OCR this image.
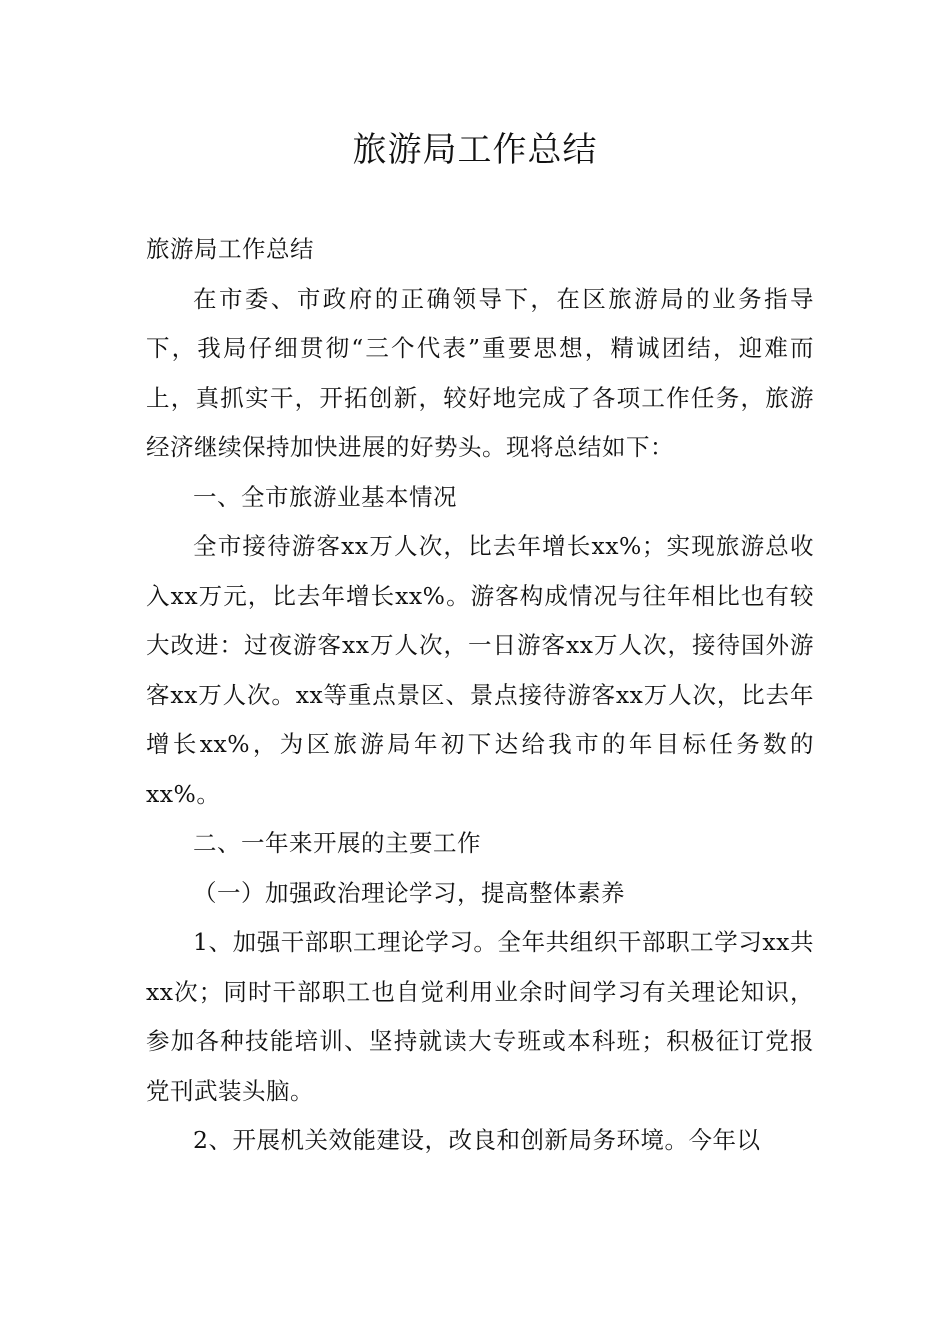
旅游局工作总结

旅游局工作总结

在市委、市政府的正确领导下，在区旅游局的业务指导下，我局仔细贯彻“三个代表”重要思想，精诚团结，迎难而上，真抓实干，开拓创新，较好地完成了各项工作任务，旅游经济继续保持加快进展的好势头。现将总结如下：

一、全市旅游业基本情况

全市接待游客xx万人次，比去年增长xx%；实现旅游总收入xx万元，比去年增长xx%。游客构成情况与往年相比也有较大改进：过夜游客xx万人次，一日游客xx万人次，接待国外游客xx万人次。xx等重点景区、景点接待游客xx万人次，比去年增长xx%，为区旅游局年初下达给我市的年目标任务数的xx%。

二、一年来开展的主要工作

（一）加强政治理论学习，提高整体素养

1、加强干部职工理论学习。全年共组织干部职工学习xx共xx次；同时干部职工也自觉利用业余时间学习有关理论知识，参加各种技能培训、坚持就读大专班或本科班；积极征订党报党刊武装头脑。

2、开展机关效能建设，改良和创新局务环境。今年以
